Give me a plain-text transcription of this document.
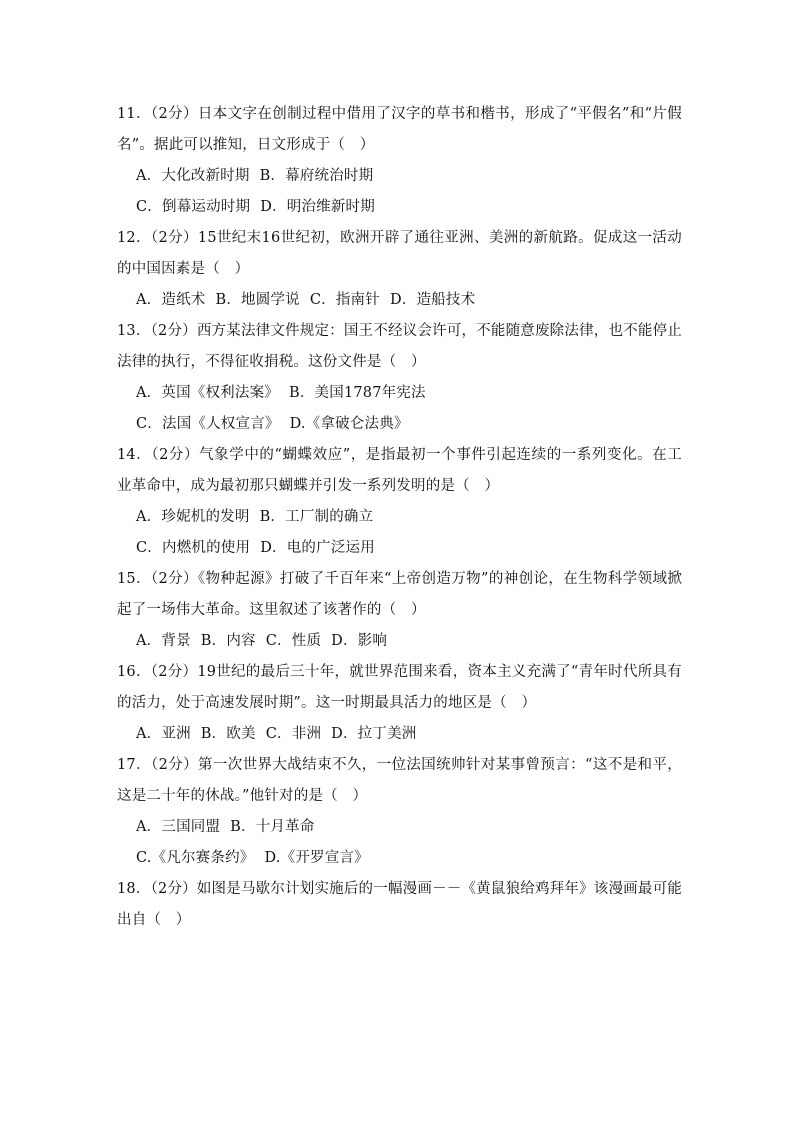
11．（2分）日本文字在创制过程中借用了汉字的草书和楷书，形成了“平假名”和“片假名”。据此可以推知，日文形成于（　）
A．大化改新时期 B．幕府统治时期
C．倒幕运动时期 D．明治维新时期
12．（2分）15世纪末16世纪初，欧洲开辟了通往亚洲、美洲的新航路。促成这一活动的中国因素是（　）
A．造纸术 B．地圆学说 C．指南针 D．造船技术
13．（2分）西方某法律文件规定：国王不经议会许可，不能随意废除法律，也不能停止法律的执行，不得征收捐税。这份文件是（　）
A．英国《权利法案》 B．美国1787年宪法
C．法国《人权宣言》 D.《拿破仑法典》
14．（2分）气象学中的“蝴蝶效应”，是指最初一个事件引起连续的一系列变化。在工业革命中，成为最初那只蝴蝶并引发一系列发明的是（　）
A．珍妮机的发明 B．工厂制的确立
C．内燃机的使用 D．电的广泛运用
15．（2分）《物种起源》打破了千百年来“上帝创造万物”的神创论，在生物科学领域掀起了一场伟大革命。这里叙述了该著作的（　）
A．背景 B．内容 C．性质 D．影响
16．（2分）19世纪的最后三十年，就世界范围来看，资本主义充满了“青年时代所具有的活力，处于高速发展时期”。这一时期最具活力的地区是（　）
A．亚洲 B．欧美 C．非洲 D．拉丁美洲
17．（2分）第一次世界大战结束不久，一位法国统帅针对某事曾预言：“这不是和平，这是二十年的休战。”他针对的是（　）
A．三国同盟 B．十月革命
C.《凡尔赛条约》 D.《开罗宣言》
18．（2分）如图是马歇尔计划实施后的一幅漫画－－《黄鼠狼给鸡拜年》该漫画最可能出自（　）
